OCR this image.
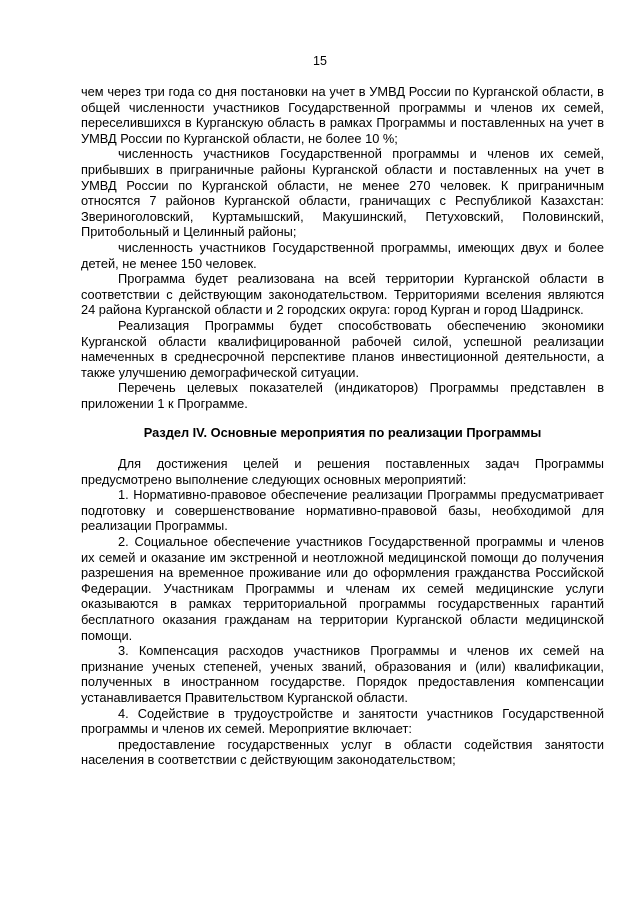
15

чем через три года со дня постановки на учет в УМВД России по Курганской области, в общей численности участников Государственной программы и членов их семей, переселившихся в Курганскую область в рамках Программы и поставленных на учет в УМВД России по Курганской области, не более 10 %;

численность участников Государственной программы и членов их семей, прибывших в приграничные районы Курганской области и поставленных на учет в УМВД России по Курганской области, не менее 270 человек. К приграничным относятся 7 районов Курганской области, граничащих с Республикой Казахстан: Звериноголовский, Куртамышский, Макушинский, Петуховский, Половинский, Притобольный и Целинный районы;

численность участников Государственной программы, имеющих двух и более детей, не менее 150 человек.

Программа будет реализована на всей территории Курганской области в соответствии с действующим законодательством. Территориями вселения являются 24 района Курганской области и 2 городских округа: город Курган и город Шадринск.

Реализация Программы будет способствовать обеспечению экономики Курганской области квалифицированной рабочей силой, успешной реализации намеченных в среднесрочной перспективе планов инвестиционной деятельности, а также улучшению демографической ситуации.

Перечень целевых показателей (индикаторов) Программы представлен в приложении 1 к Программе.

Раздел IV. Основные мероприятия по реализации Программы

Для достижения целей и решения поставленных задач Программы предусмотрено выполнение следующих основных мероприятий:

1. Нормативно-правовое обеспечение реализации Программы предусматривает подготовку и совершенствование нормативно-правовой базы, необходимой для реализации Программы.

2. Социальное обеспечение участников Государственной программы и членов их семей и оказание им экстренной и неотложной медицинской помощи до получения разрешения на временное проживание или до оформления гражданства Российской Федерации. Участникам Программы и членам их семей медицинские услуги оказываются в рамках территориальной программы государственных гарантий бесплатного оказания гражданам на территории Курганской области медицинской помощи.

3. Компенсация расходов участников Программы и членов их семей на признание ученых степеней, ученых званий, образования и (или) квалификации, полученных в иностранном государстве. Порядок предоставления компенсации устанавливается Правительством Курганской области.

4. Содействие в трудоустройстве и занятости участников Государственной программы и членов их семей. Мероприятие включает:

предоставление государственных услуг в области содействия занятости населения в соответствии с действующим законодательством;
